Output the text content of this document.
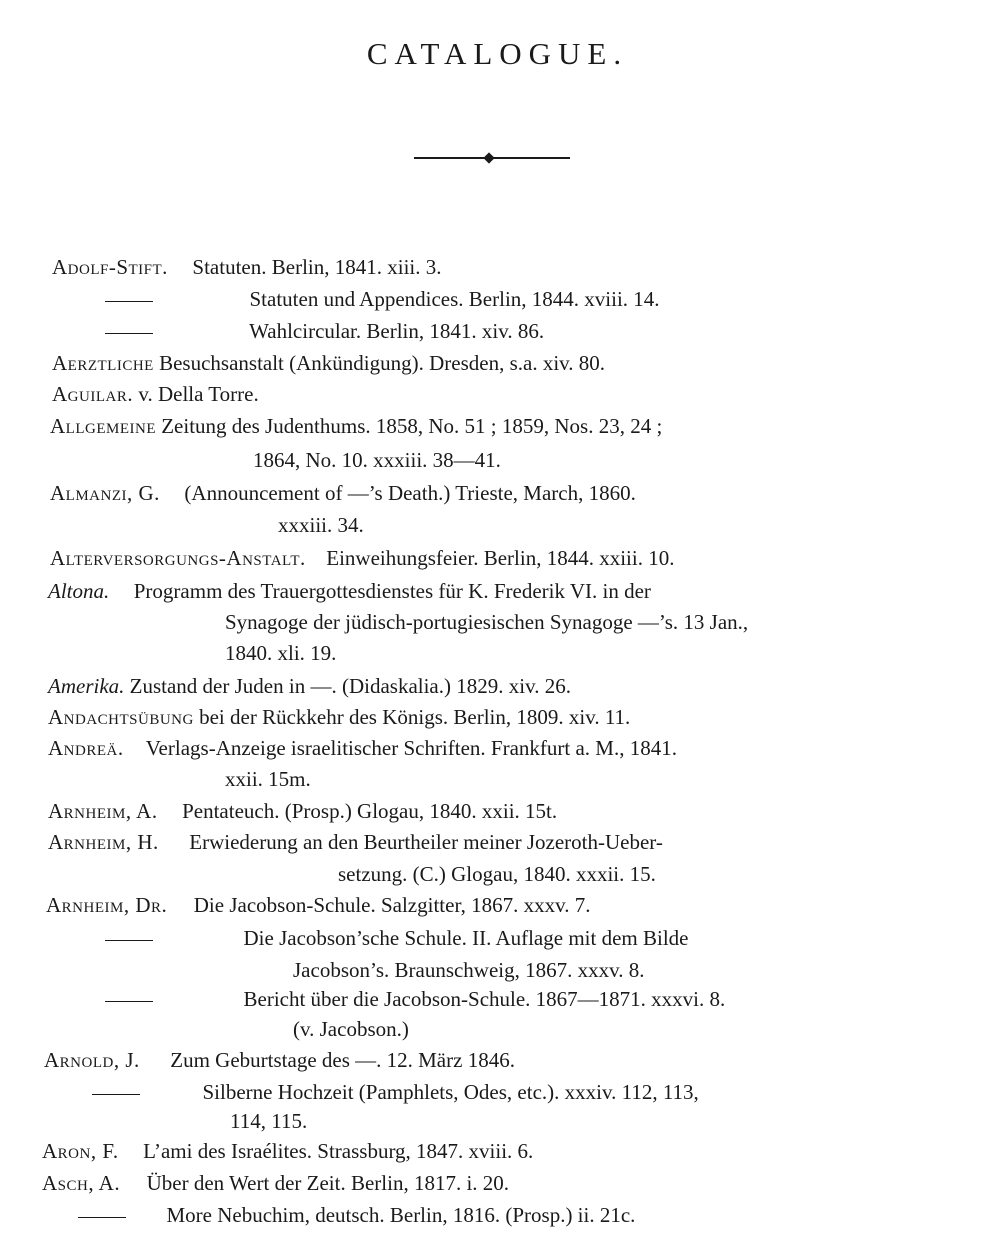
CATALOGUE.
Adolf-Stift. Statuten. Berlin, 1841. xiii. 3.
Statuten und Appendices. Berlin, 1844. xviii. 14.
Wahlcircular. Berlin, 1841. xiv. 86.
Aerztliche Besuchsanstalt (Ankündigung). Dresden, s.a. xiv. 80.
Aguilar. v. Della Torre.
Allgemeine Zeitung des Judenthums. 1858, No. 51 ; 1859, Nos. 23, 24 ;
1864, No. 10. xxxiii. 38—41.
Almanzi, G. (Announcement of —’s Death.) Trieste, March, 1860.
xxxiii. 34.
Alterversorgungs-Anstalt. Einweihungsfeier. Berlin, 1844. xxiii. 10.
Altona. Programm des Trauergottesdienstes für K. Frederik VI. in der
Synagoge der jüdisch-portugiesischen Synagoge —’s. 13 Jan.,
1840. xli. 19.
Amerika. Zustand der Juden in —. (Didaskalia.) 1829. xiv. 26.
Andachtsübung bei der Rückkehr des Königs. Berlin, 1809. xiv. 11.
Andreä. Verlags-Anzeige israelitischer Schriften. Frankfurt a. M., 1841.
xxii. 15m.
Arnheim, A. Pentateuch. (Prosp.) Glogau, 1840. xxii. 15t.
Arnheim, H. Erwiederung an den Beurtheiler meiner Jozeroth-Ueber-
setzung. (C.) Glogau, 1840. xxxii. 15.
Arnheim, Dr. Die Jacobson-Schule. Salzgitter, 1867. xxxv. 7.
Die Jacobson’sche Schule. II. Auflage mit dem Bilde
Jacobson’s. Braunschweig, 1867. xxxv. 8.
Bericht über die Jacobson-Schule. 1867—1871. xxxvi. 8.
(v. Jacobson.)
Arnold, J. Zum Geburtstage des —. 12. März 1846.
Silberne Hochzeit (Pamphlets, Odes, etc.). xxxiv. 112, 113,
114, 115.
Aron, F. L’ami des Israélites. Strassburg, 1847. xviii. 6.
Asch, A. Über den Wert der Zeit. Berlin, 1817. i. 20.
More Nebuchim, deutsch. Berlin, 1816. (Prosp.) ii. 21c.
